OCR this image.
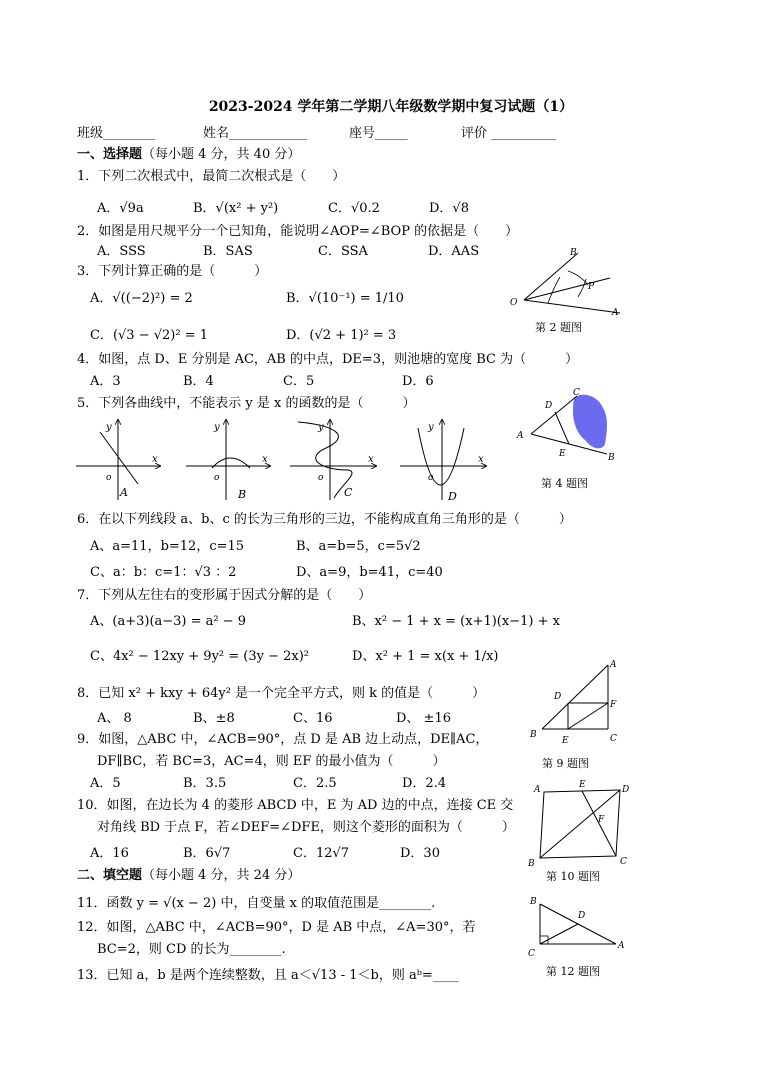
2023-2024 学年第二学期八年级数学期中复习试题（1）
班级________	姓名____________	座号_____	评价 __________
一、选择题（每小题 4 分，共 40 分）
1．下列二次根式中，最简二次根式是（　　）
A．√9a	B．√(x² + y²)	C．√0.2	D．√8
2．如图是用尺规平分一个已知角，能说明∠AOP=∠BOP 的依据是（　　）
A．SSS	B．SAS	C．SSA	D．AAS
3．下列计算正确的是（　　　）
A．√((−2)²) = 2	B．√(10⁻¹) = 1/10
C．(√3 − √2)² = 1	D．(√2 + 1)² = 3
O
A
B
P
第 2 题图
4．如图，点 D、E 分别是 AC，AB 的中点，DE=3，则池塘的宽度 BC 为（　　　）
A．3	B．4	C．5	D．6
A
B
C
D
E
第 4 题图
5．下列各曲线中，不能表示 y 是 x 的函数的是（　　　）
y
x
o
A
y
x
o
B
y
x
o
C
y
x
o
D
6．在以下列线段 a、b、c 的长为三角形的三边，不能构成直角三角形的是（　　　）
A、a=11，b=12，c=15	B、a=b=5，c=5√2
C、a：b：c=1：√3 ：2	D、a=9，b=41，c=40
7．下列从左往右的变形属于因式分解的是（　　）
A、(a+3)(a−3) = a² − 9	B、x² − 1 + x = (x+1)(x−1) + x
C、4x² − 12xy + 9y² = (3y − 2x)²	D、x² + 1 = x(x + 1/x)
8．已知 x² + kxy + 64y² 是一个完全平方式，则 k 的值是（　　　）
A、 8	B、±8	C、16	D、 ±16
A
B	C
D
E
F
第 9 题图
9．如图，△ABC 中，∠ACB=90°，点 D 是 AB 边上动点，DE∥AC，
DF∥BC，若 BC=3，AC=4，则 EF 的最小值为（　　　）
A．5	B．3.5	C．2.5	D．2.4
10．如图，在边长为 4 的菱形 ABCD 中，E 为 AD 边的中点，连接 CE 交
对角线 BD 于点 F，若∠DEF=∠DFE，则这个菱形的面积为（　　　）
A．16	B．6√7	C．12√7	D．30
A
B	C
D
E
F
第 10 题图
二、填空题（每小题 4 分，共 24 分）
11．函数 y = √(x − 2) 中，自变量 x 的取值范围是________.
12．如图，△ABC 中，∠ACB=90°，D 是 AB 中点，∠A=30°，若
BC=2，则 CD 的长为________.
B
C
A
D
第 12 题图
13．已知 a，b 是两个连续整数，且 a＜√13 - 1＜b，则 aᵇ=____
